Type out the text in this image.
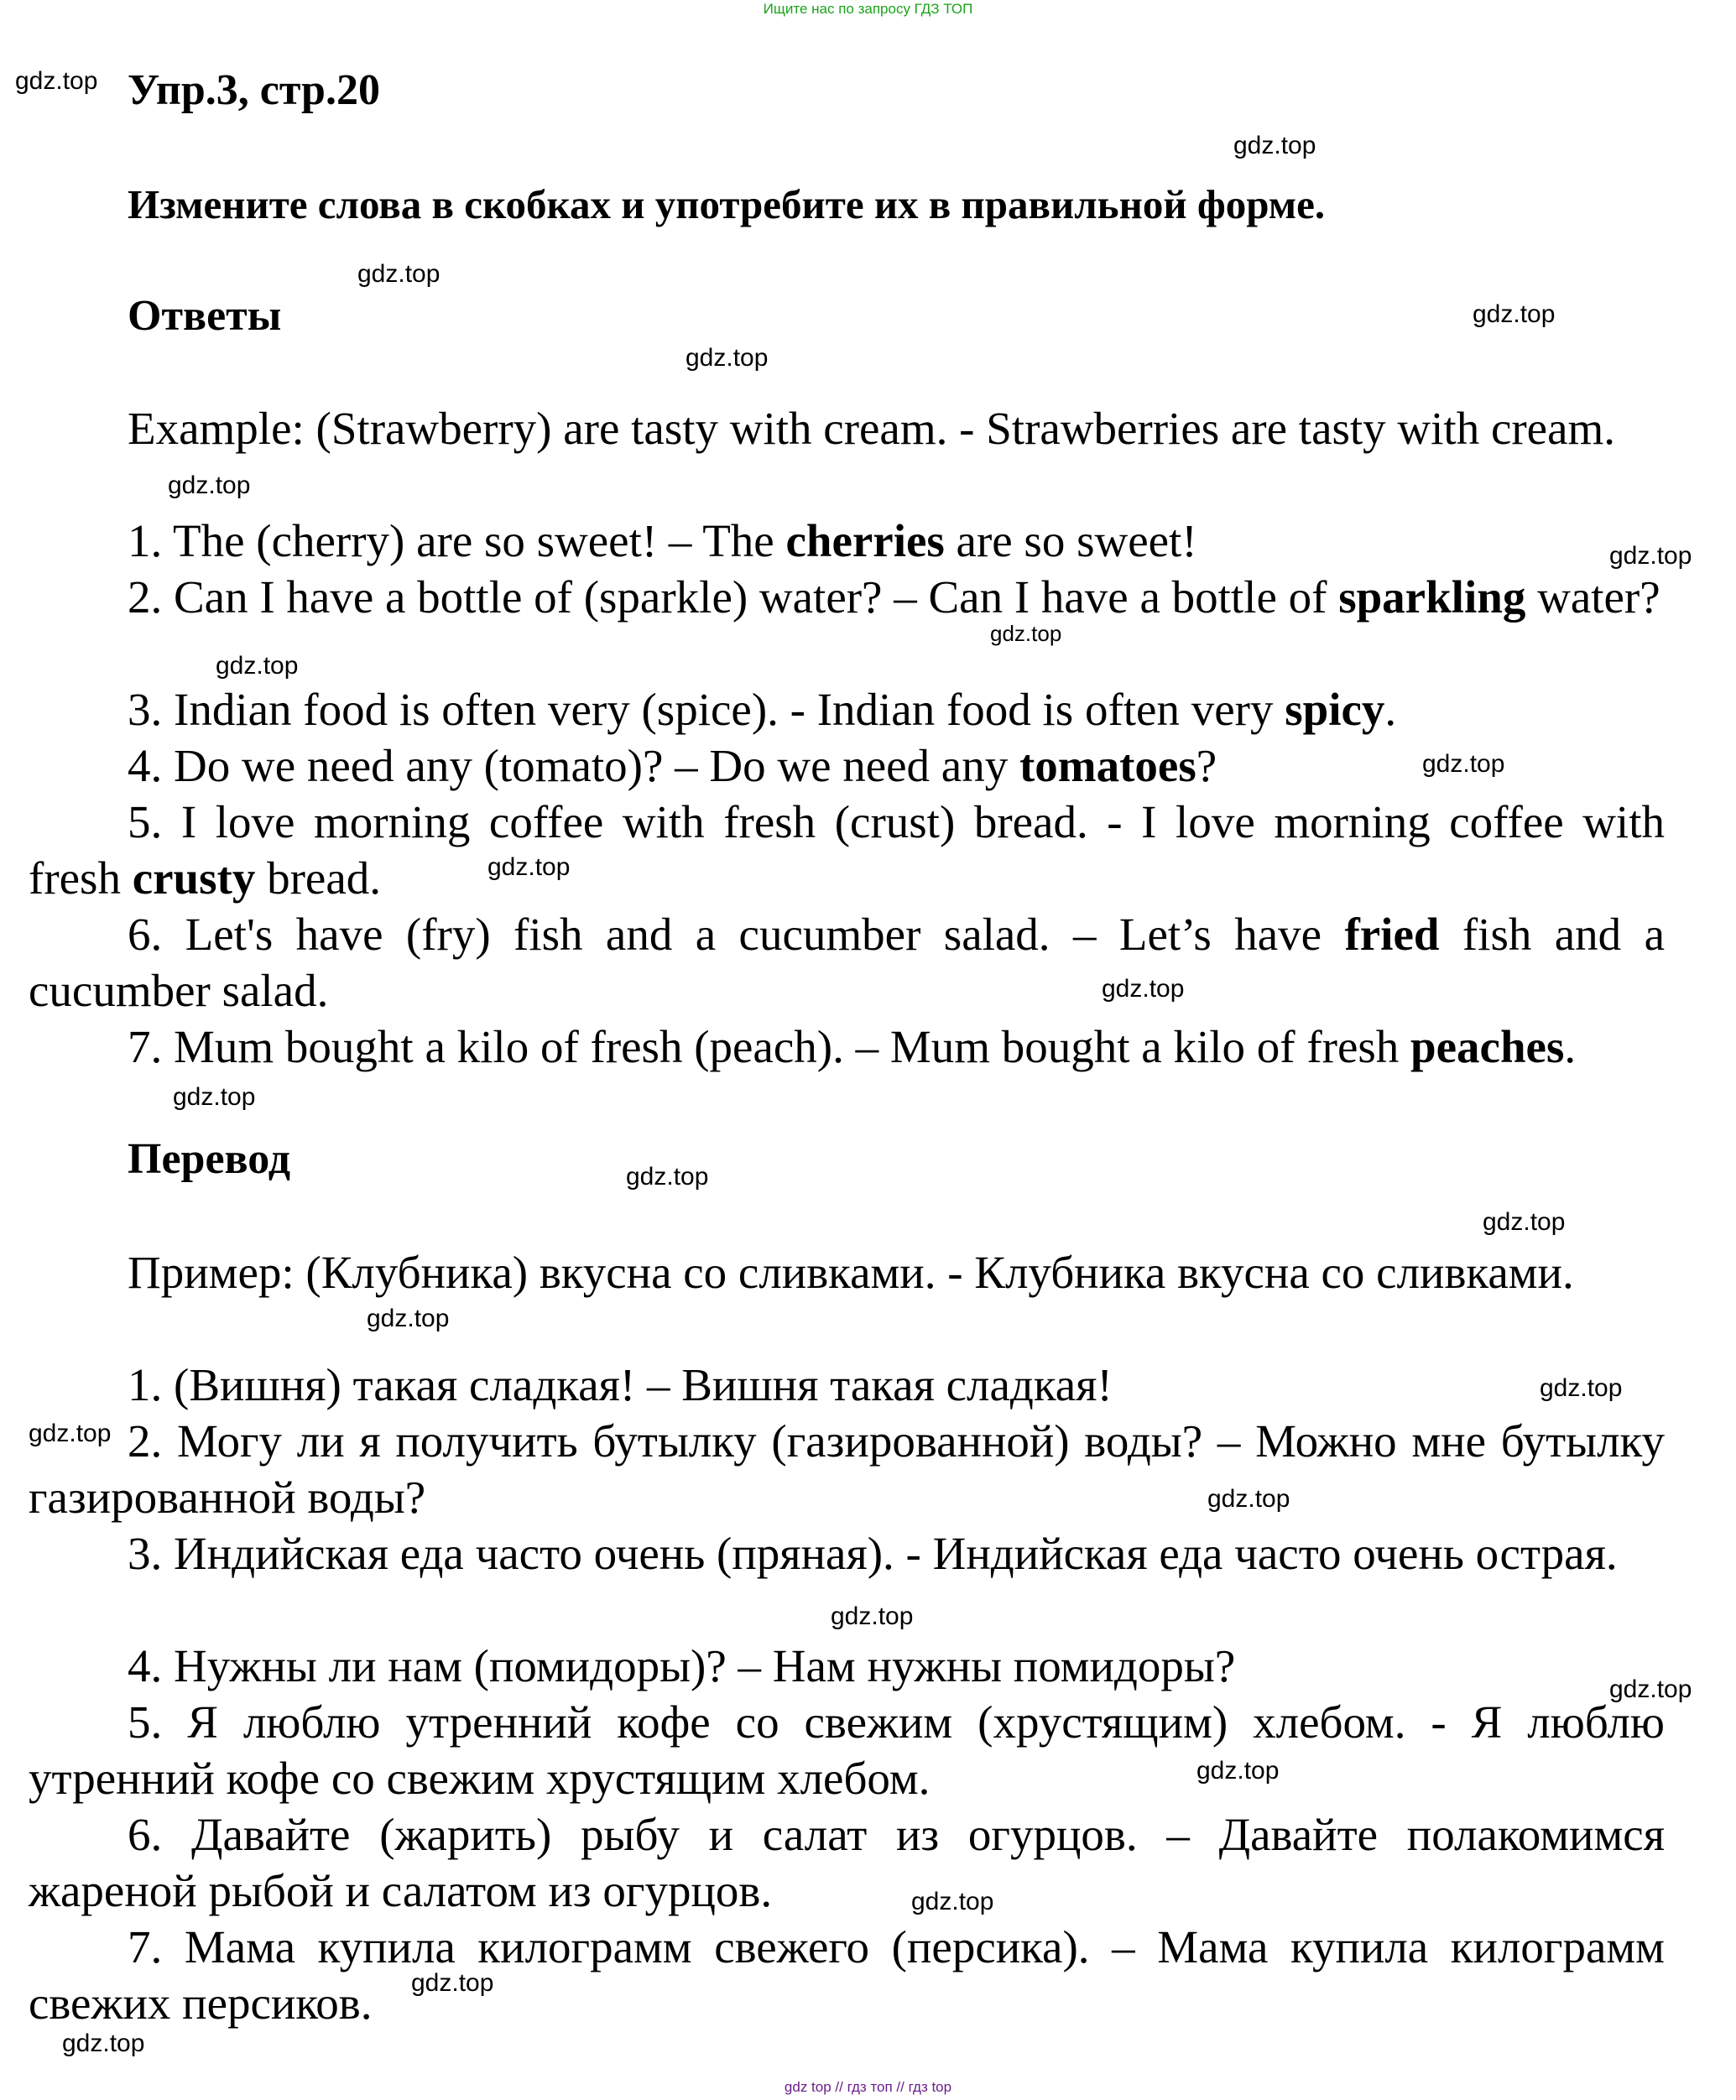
Ищите нас по запросу ГДЗ ТОП
Упр.3, стр.20
Измените слова в скобках и употребите их в правильной форме.
Ответы

Example: (Strawberry) are tasty with cream. - Strawberries are tasty with cream.

1. The (cherry) are so sweet! – The cherries are so sweet!

2. Can I have a bottle of (sparkle) water? – Can I have a bottle of sparkling water?

3. Indian food is often very (spice). - Indian food is often very spicy.

4. Do we need any (tomato)? – Do we need any tomatoes?

5. I love morning coffee with fresh (crust) bread. - I love morning coffee with fresh crusty bread.

6. Let's have (fry) fish and a cucumber salad. – Let’s have fried fish and a cucumber salad.

7. Mum bought a kilo of fresh (peach). – Mum bought a kilo of fresh peaches.

Перевод

Пример: (Клубника) вкусна со сливками. - Клубника вкусна со сливками.

1. (Вишня) такая сладкая! – Вишня такая сладкая!

2. Могу ли я получить бутылку (газированной) воды? – Можно мне бутылку газированной воды?

3. Индийская еда часто очень (пряная). - Индийская еда часто очень острая.

4. Нужны ли нам (помидоры)? – Нам нужны помидоры?

5. Я люблю утренний кофе со свежим (хрустящим) хлебом. - Я люблю утренний кофе со свежим хрустящим хлебом.

6. Давайте (жарить) рыбу и салат из огурцов. – Давайте полакомимся жареной рыбой и салатом из огурцов.

7. Мама купила килограмм свежего (персика). – Мама купила килограмм свежих персиков.

gdz.top
gdz.top
gdz.top
gdz.top
gdz.top
gdz.top
gdz.top
gdz.top
gdz.top
gdz.top
gdz.top
gdz.top
gdz.top
gdz.top
gdz.top
gdz.top
gdz.top
gdz.top
gdz.top
gdz.top
gdz.top
gdz.top
gdz.top
gdz.top
gdz.top
gdz top // гдз топ // гдз top
